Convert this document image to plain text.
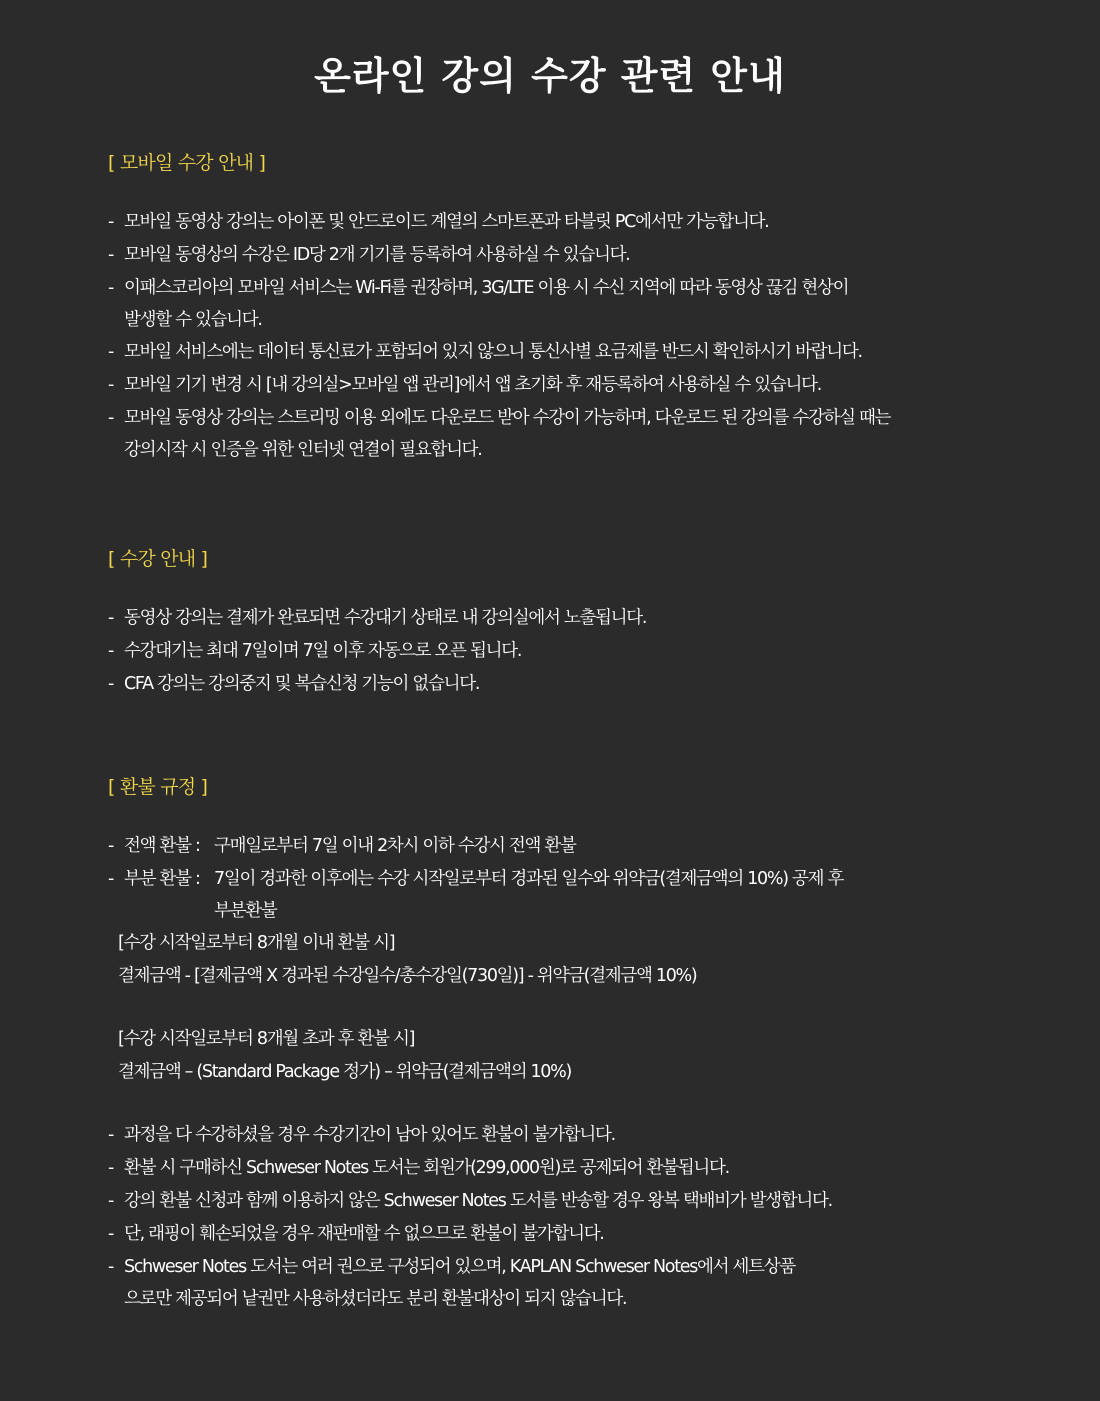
온라인 강의 수강 관련 안내
[ 모바일 수강 안내 ]
- 모바일 동영상 강의는 아이폰 및 안드로이드 계열의 스마트폰과 타블릿 PC에서만 가능합니다.
- 모바일 동영상의 수강은 ID당 2개 기기를 등록하여 사용하실 수 있습니다.
- 이패스코리아의 모바일 서비스는 Wi-Fi를 권장하며, 3G/LTE 이용 시 수신 지역에 따라 동영상 끊김 현상이
발생할 수 있습니다.
- 모바일 서비스에는 데이터 통신료가 포함되어 있지 않으니 통신사별 요금제를 반드시 확인하시기 바랍니다.
- 모바일 기기 변경 시 [내 강의실>모바일 앱 관리]에서 앱 초기화 후 재등록하여 사용하실 수 있습니다.
- 모바일 동영상 강의는 스트리밍 이용 외에도 다운로드 받아 수강이 가능하며, 다운로드 된 강의를 수강하실 때는
강의시작 시 인증을 위한 인터넷 연결이 필요합니다.
[ 수강 안내 ]
- 동영상 강의는 결제가 완료되면 수강대기 상태로 내 강의실에서 노출됩니다.
- 수강대기는 최대 7일이며 7일 이후 자동으로 오픈 됩니다.
- CFA 강의는 강의중지 및 복습신청 기능이 없습니다.
[ 환불 규정 ]
- 전액 환불 : 구매일로부터 7일 이내 2차시 이하 수강시 전액 환불
- 부분 환불 : 7일이 경과한 이후에는 수강 시작일로부터 경과된 일수와 위약금(결제금액의 10%) 공제 후
부분환불
[수강 시작일로부터 8개월 이내 환불 시]
결제금액 - [결제금액 X 경과된 수강일수/총수강일(730일)] - 위약금(결제금액 10%)
[수강 시작일로부터 8개월 초과 후 환불 시]
결제금액 – (Standard Package 정가) – 위약금(결제금액의 10%)
- 과정을 다 수강하셨을 경우 수강기간이 남아 있어도 환불이 불가합니다.
- 환불 시 구매하신 Schweser Notes 도서는 회원가(299,000원)로 공제되어 환불됩니다.
- 강의 환불 신청과 함께 이용하지 않은 Schweser Notes 도서를 반송할 경우 왕복 택배비가 발생합니다.
- 단, 래핑이 훼손되었을 경우 재판매할 수 없으므로 환불이 불가합니다.
- Schweser Notes 도서는 여러 권으로 구성되어 있으며, KAPLAN Schweser Notes에서 세트상품
으로만 제공되어 낱권만 사용하셨더라도 분리 환불대상이 되지 않습니다.
